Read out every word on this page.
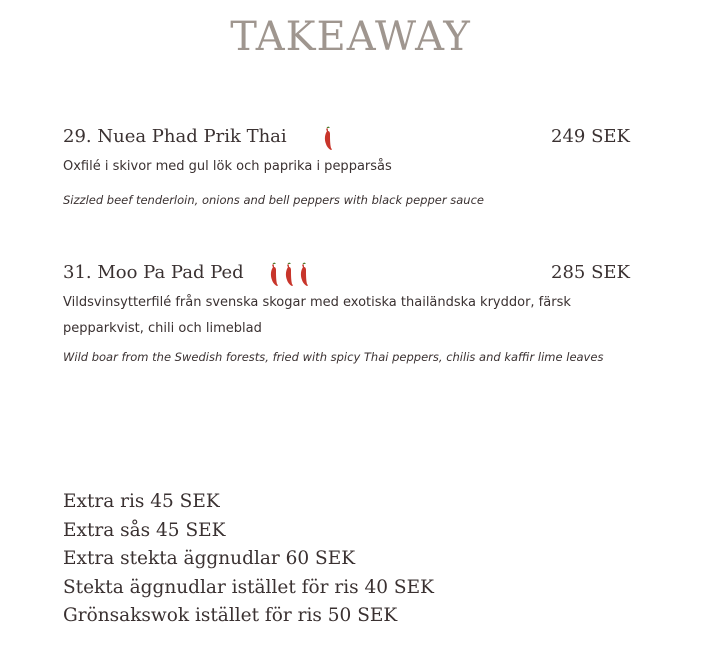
TAKEAWAY
29. Nuea Phad Prik Thai	249 SEK
Oxfilé i skivor med gul lök och paprika i pepparsås
Sizzled beef tenderloin, onions and bell peppers with black pepper sauce
31. Moo Pa Pad Ped	285 SEK
Vildsvinsytterfilé från svenska skogar med exotiska thailändska kryddor, färsk pepparkvist, chili och limeblad
Wild boar from the Swedish forests, fried with spicy Thai peppers, chilis and kaffir lime leaves
Extra ris 45 SEK
Extra sås 45 SEK
Extra stekta äggnudlar 60 SEK
Stekta äggnudlar istället för ris 40 SEK
Grönsakswok istället för ris 50 SEK
